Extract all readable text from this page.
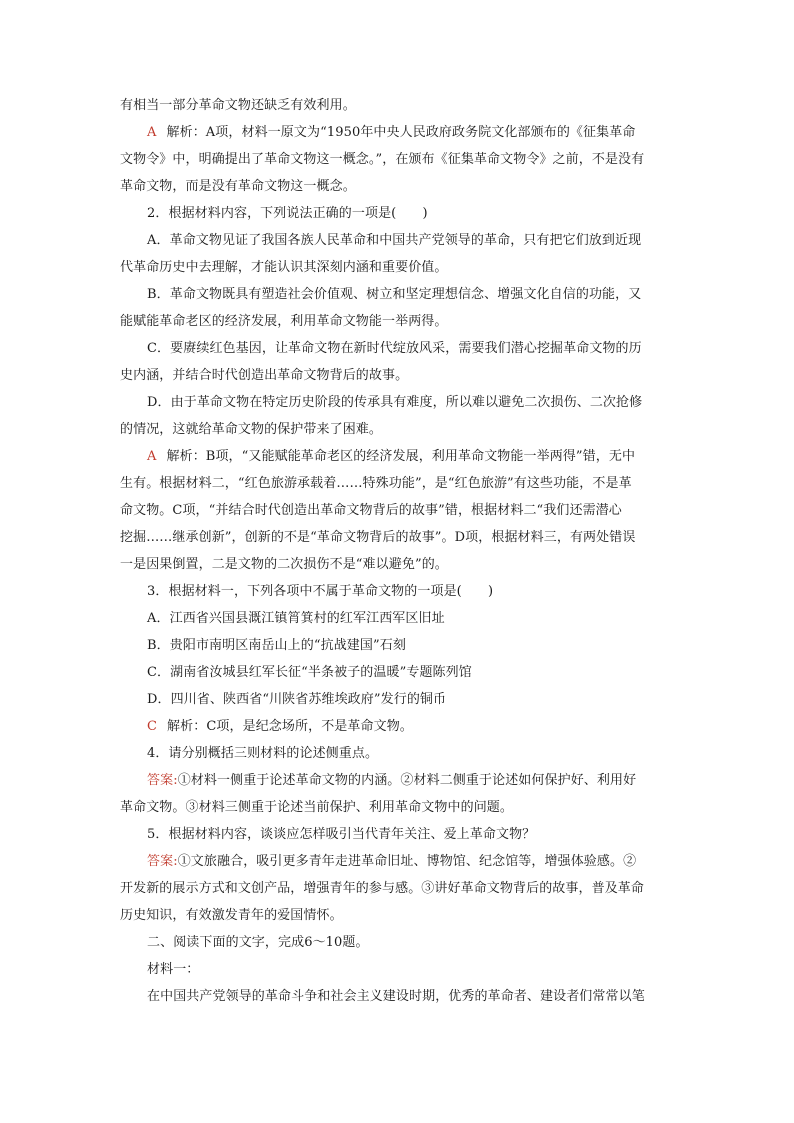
有相当一部分革命文物还缺乏有效利用。
A 解析：A项，材料一原文为“1950年中央人民政府政务院文化部颁布的《征集革命
文物令》中，明确提出了革命文物这一概念。”，在颁布《征集革命文物令》之前，不是没有
革命文物，而是没有革命文物这一概念。
2．根据材料内容，下列说法正确的一项是(　　)
A．革命文物见证了我国各族人民革命和中国共产党领导的革命，只有把它们放到近现
代革命历史中去理解，才能认识其深刻内涵和重要价值。
B．革命文物既具有塑造社会价值观、树立和坚定理想信念、增强文化自信的功能，又
能赋能革命老区的经济发展，利用革命文物能一举两得。
C．要赓续红色基因，让革命文物在新时代绽放风采，需要我们潜心挖掘革命文物的历
史内涵，并结合时代创造出革命文物背后的故事。
D．由于革命文物在特定历史阶段的传承具有难度，所以难以避免二次损伤、二次抢修
的情况，这就给革命文物的保护带来了困难。
A 解析：B项，“又能赋能革命老区的经济发展，利用革命文物能一举两得”错，无中
生有。根据材料二，“红色旅游承载着……特殊功能”，是“红色旅游”有这些功能，不是革
命文物。C项，“并结合时代创造出革命文物背后的故事”错，根据材料二“我们还需潜心
挖掘……继承创新”，创新的不是“革命文物背后的故事”。D项，根据材料三，有两处错误
一是因果倒置，二是文物的二次损伤不是“难以避免”的。
3．根据材料一，下列各项中不属于革命文物的一项是(　　)
A．江西省兴国县溉江镇筲箕村的红军江西军区旧址
B．贵阳市南明区南岳山上的“抗战建国”石刻
C．湖南省汝城县红军长征“半条被子的温暖”专题陈列馆
D．四川省、陕西省“川陕省苏维埃政府”发行的铜币
C 解析：C项，是纪念场所，不是革命文物。
4．请分别概括三则材料的论述侧重点。
答案:①材料一侧重于论述革命文物的内涵。②材料二侧重于论述如何保护好、利用好
革命文物。③材料三侧重于论述当前保护、利用革命文物中的问题。
5．根据材料内容，谈谈应怎样吸引当代青年关注、爱上革命文物？
答案:①文旅融合，吸引更多青年走进革命旧址、博物馆、纪念馆等，增强体验感。②
开发新的展示方式和文创产品，增强青年的参与感。③讲好革命文物背后的故事，普及革命
历史知识，有效激发青年的爱国情怀。
二、阅读下面的文字，完成6～10题。
材料一：
在中国共产党领导的革命斗争和社会主义建设时期，优秀的革命者、建设者们常常以笔
